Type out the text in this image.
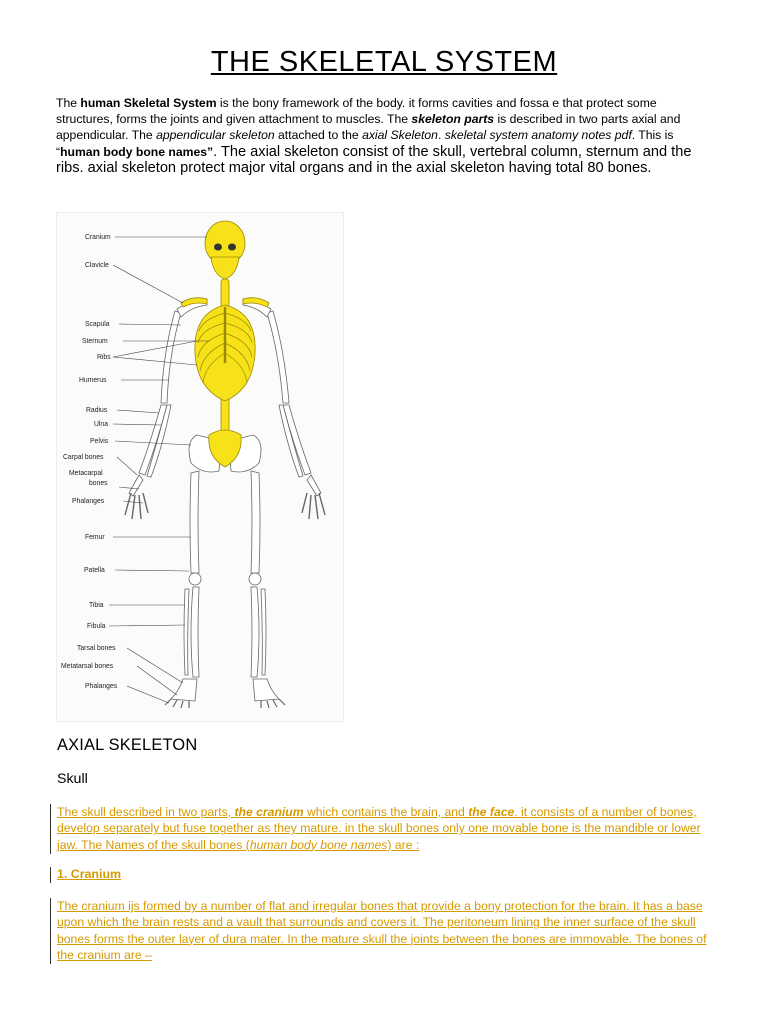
THE SKELETAL SYSTEM

The human Skeletal System is the bony framework of the body. it forms cavities and fossa e that protect some structures, forms the joints and given attachment to muscles. The skeleton parts is described in two parts axial and appendicular. The appendicular skeleton attached to the axial Skeleton. skeletal system anatomy notes pdf. This is “human body bone names”. The axial skeleton consist of the skull, vertebral column, sternum and the ribs. axial skeleton protect major vital organs and in the axial skeleton having total 80 bones.

Cranium
Clavicle
Scapula
Sternum
Ribs
Humerus
Radius
Ulna
Pelvis
Carpal bones
Metacarpal
bones
Phalanges
Femur
Patella
Tibia
Fibula
Tarsal bones
Metatarsal bones
Phalanges
AXIAL SKELETON
Skull

The skull described in two parts, the cranium which contains the brain, and the face. it consists of a number of bones, develop separately but fuse together as they mature. in the skull bones only one movable bone is the mandible or lower jaw. The Names of the skull bones (human body bone names) are :

1. Cranium

The cranium ijs formed by a number of flat and irregular bones that provide a bony protection for the brain. It has a base upon which the brain rests and a vault that surrounds and covers it. The peritoneum lining the inner surface of the skull bones forms the outer layer of dura mater. In the mature skull the joints between the bones are immovable. The bones of the cranium are –
